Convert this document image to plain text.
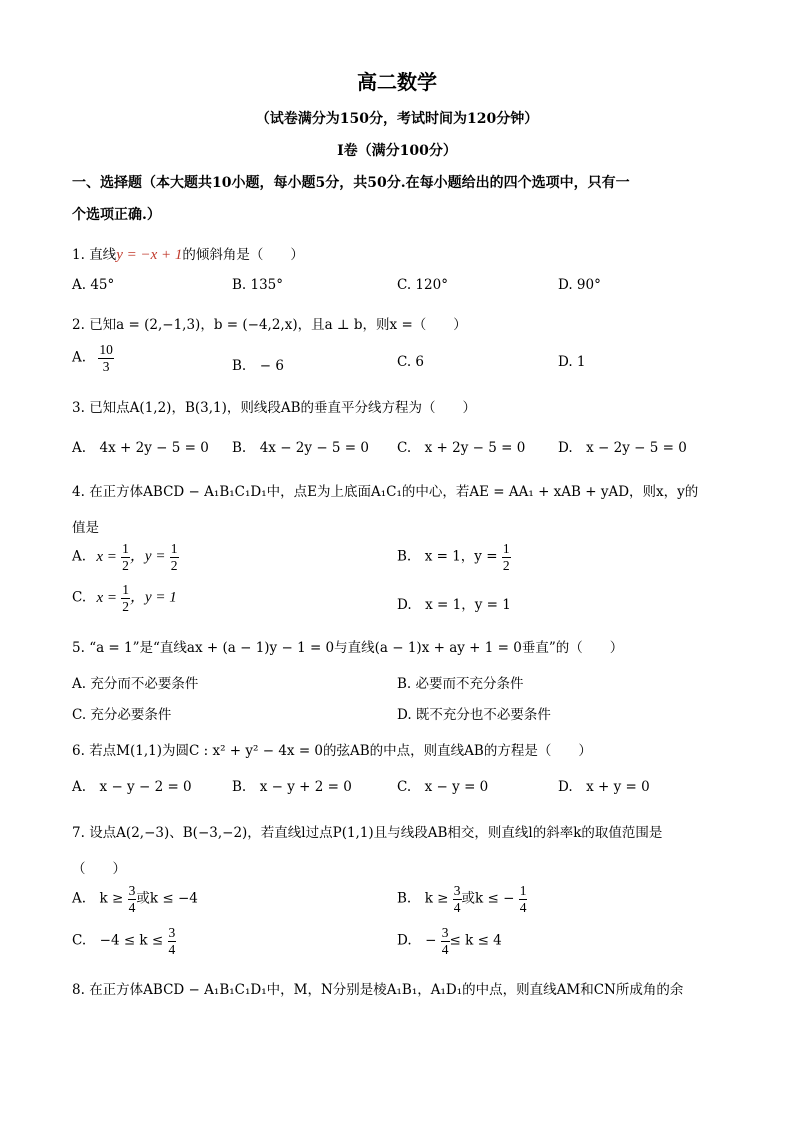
高二数学
（试卷满分为150分，考试时间为120分钟）
Ⅰ卷（满分100分）
一、选择题（本大题共10小题，每小题5分，共50分.在每小题给出的四个选项中，只有一
个选项正确.）
1. 直线y = −x + 1的倾斜角是（　　）
A. 45°	B. 135°	C. 120°	D. 90°
2. 已知a = (2,−1,3)，b = (−4,2,x)，且a ⊥ b，则x =（　　）
A. $\frac{10}{3}$	B.　− 6	C. 6	D. 1
3. 已知点A(1,2)，B(3,1)，则线段AB的垂直平分线方程为（　　）
A.　4x + 2y − 5 = 0 B.　4x − 2y − 5 = 0 C.　x + 2y − 5 = 0 D.　x − 2y − 5 = 0
4. 在正方体ABCD − A₁B₁C₁D₁中，点E为上底面A₁C₁的中心，若AE = AA₁ + xAB + yAD，则x，y的
值是
A. $x = \frac{1}{2}$ ，$y = \frac{1}{2}$	B.　x = 1，$y = \frac{1}{2}$
C. $x = \frac{1}{2}$ ，y = 1	D.　x = 1，y = 1
5. “a = 1”是“直线ax + (a − 1)y − 1 = 0与直线(a − 1)x + ay + 1 = 0垂直”的（　　）
A. 充分而不必要条件	B. 必要而不充分条件
C. 充分必要条件	D. 既不充分也不必要条件
6. 若点M(1,1)为圆C : x² + y² − 4x = 0的弦AB的中点，则直线AB的方程是（　　）
A.　x − y − 2 = 0	B.　x − y + 2 = 0	C.　x − y = 0	D.　x + y = 0
7. 设点A(2,−3)、B(−3,−2)，若直线l过点P(1,1)且与线段AB相交，则直线l的斜率k的取值范围是
（　　）
A.　$k \ge \frac{3}{4}$ 或k ≤ −4	B.　$k \ge \frac{3}{4}$ 或k ≤ − $\frac{1}{4}$
C.　$-4 \le k \le \frac{3}{4}$	D.　− $\frac{3}{4} \le k \le 4$
8. 在正方体ABCD − A₁B₁C₁D₁中，M，N分别是棱A₁B₁，A₁D₁的中点，则直线AM和CN所成角的余
